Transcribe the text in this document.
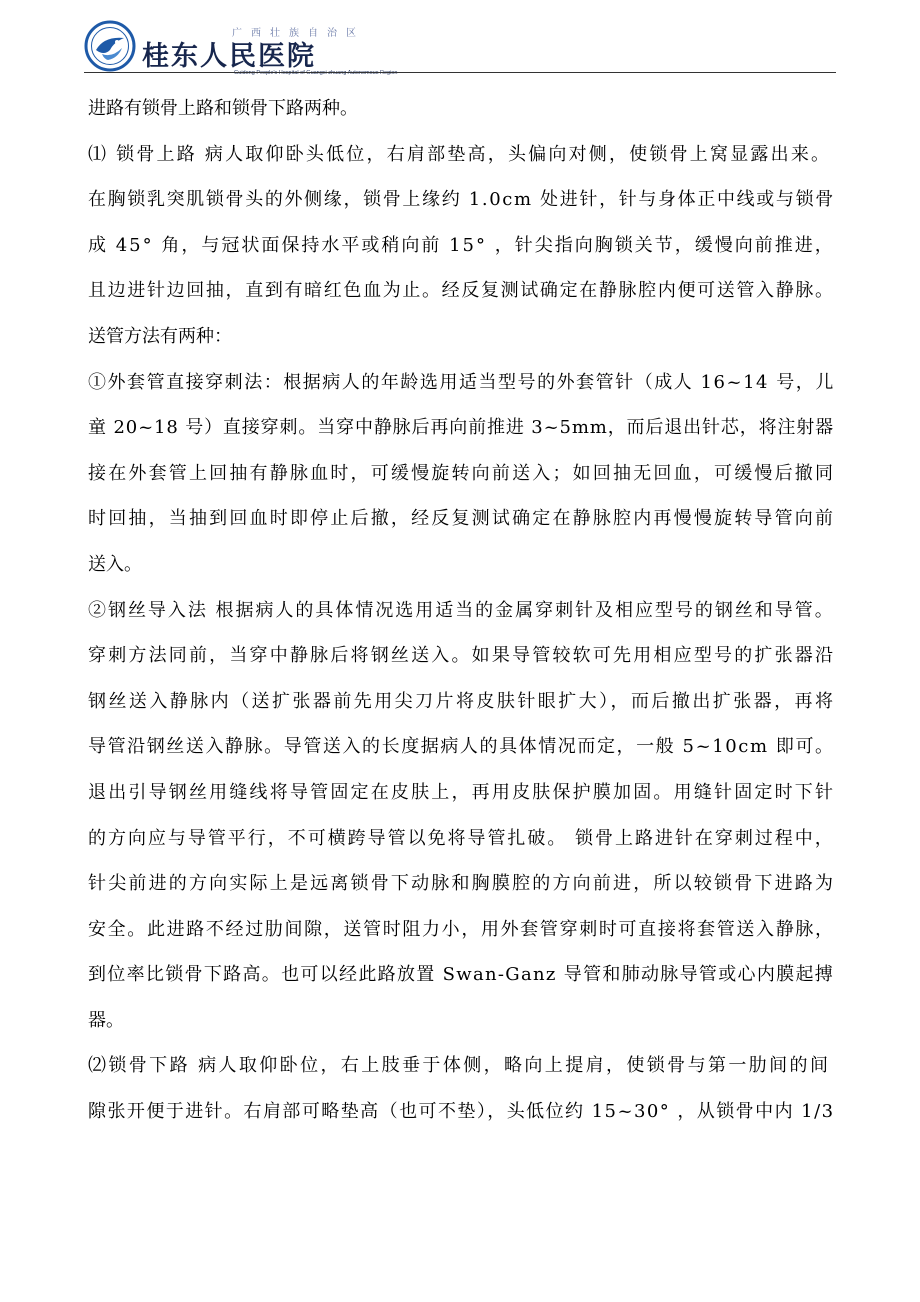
广西壮族自治区
桂东人民医院
Guidong People's Hospital of Guangxi zhuang Autonomous Region
进路有锁骨上路和锁骨下路两种。
⑴ 锁骨上路 病人取仰卧头低位，右肩部垫高，头偏向对侧，使锁骨上窝显露出来。
在胸锁乳突肌锁骨头的外侧缘，锁骨上缘约 1.0cm 处进针，针与身体正中线或与锁骨
成 45° 角，与冠状面保持水平或稍向前 15° ，针尖指向胸锁关节，缓慢向前推进，
且边进针边回抽，直到有暗红色血为止。经反复测试确定在静脉腔内便可送管入静脉。
送管方法有两种：
①外套管直接穿刺法：根据病人的年龄选用适当型号的外套管针（成人 16~14 号，儿
童 20~18 号）直接穿刺。当穿中静脉后再向前推进 3~5mm，而后退出针芯，将注射器
接在外套管上回抽有静脉血时，可缓慢旋转向前送入；如回抽无回血，可缓慢后撤同
时回抽，当抽到回血时即停止后撤，经反复测试确定在静脉腔内再慢慢旋转导管向前
送入。
②钢丝导入法 根据病人的具体情况选用适当的金属穿刺针及相应型号的钢丝和导管。
穿刺方法同前，当穿中静脉后将钢丝送入。如果导管较软可先用相应型号的扩张器沿
钢丝送入静脉内（送扩张器前先用尖刀片将皮肤针眼扩大），而后撤出扩张器，再将
导管沿钢丝送入静脉。导管送入的长度据病人的具体情况而定，一般 5~10cm 即可。
退出引导钢丝用缝线将导管固定在皮肤上，再用皮肤保护膜加固。用缝针固定时下针
的方向应与导管平行，不可横跨导管以免将导管扎破。 锁骨上路进针在穿刺过程中，
针尖前进的方向实际上是远离锁骨下动脉和胸膜腔的方向前进，所以较锁骨下进路为
安全。此进路不经过肋间隙，送管时阻力小，用外套管穿刺时可直接将套管送入静脉，
到位率比锁骨下路高。也可以经此路放置 Swan-Ganz 导管和肺动脉导管或心内膜起搏
器。
⑵锁骨下路 病人取仰卧位，右上肢垂于体侧，略向上提肩，使锁骨与第一肋间的间
隙张开便于进针。右肩部可略垫高（也可不垫），头低位约 15~30° ，从锁骨中内 1/3
